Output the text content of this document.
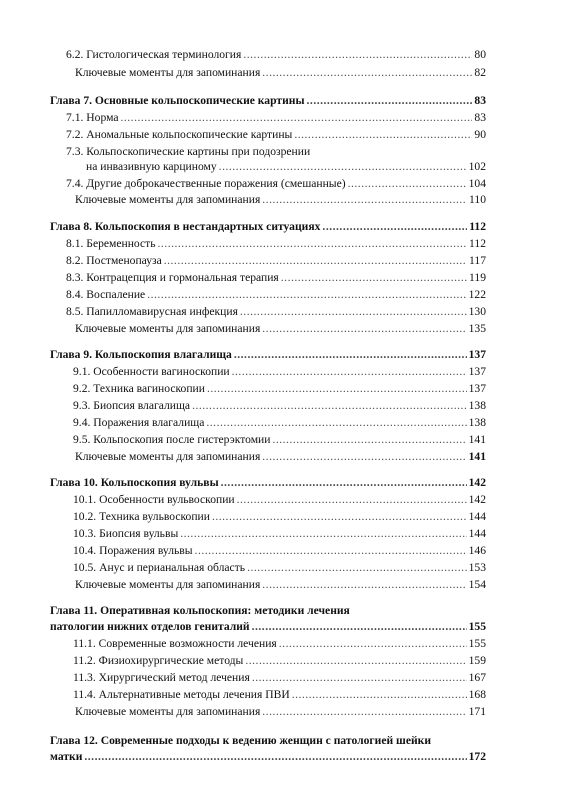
6.2. Гистологическая терминология .....	80
Ключевые моменты для запоминания .....	82
Глава 7. Основные кольпоскопические картины .....	83
7.1. Норма .....	83
7.2. Аномальные кольпоскопические картины .....	90
7.3. Кольпоскопические картины при подозрении
на инвазивную карциному .....	102
7.4. Другие доброкачественные поражения (смешанные) .....	104
Ключевые моменты для запоминания .....	110
Глава 8. Кольпоскопия в нестандартных ситуациях .....	112
8.1. Беременность .....	112
8.2. Постменопауза .....	117
8.3. Контрацепция и гормональная терапия .....	119
8.4. Воспаление .....	122
8.5. Папилломавирусная инфекция .....	130
Ключевые моменты для запоминания .....	135
Глава 9. Кольпоскопия влагалища .....	137
9.1. Особенности вагиноскопии .....	137
9.2. Техника вагиноскопии .....	137
9.3. Биопсия влагалища .....	138
9.4. Поражения влагалища .....	138
9.5. Кольпоскопия после гистерэктомии .....	141
Ключевые моменты для запоминания .....	141
Глава 10. Кольпоскопия вульвы .....	142
10.1. Особенности вульвоскопии .....	142
10.2. Техника вульвоскопии .....	144
10.3. Биопсия вульвы .....	144
10.4. Поражения вульвы .....	146
10.5. Анус и перианальная область .....	153
Ключевые моменты для запоминания .....	154
Глава 11. Оперативная кольпоскопия: методики лечения
патологии нижних отделов гениталий .....	155
11.1. Современные возможности лечения .....	155
11.2. Физиохирургические методы .....	159
11.3. Хирургический метод лечения .....	167
11.4. Альтернативные методы лечения ПВИ .....	168
Ключевые моменты для запоминания .....	171
Глава 12. Современные подходы к ведению женщин с патологией шейки
матки .....	172
